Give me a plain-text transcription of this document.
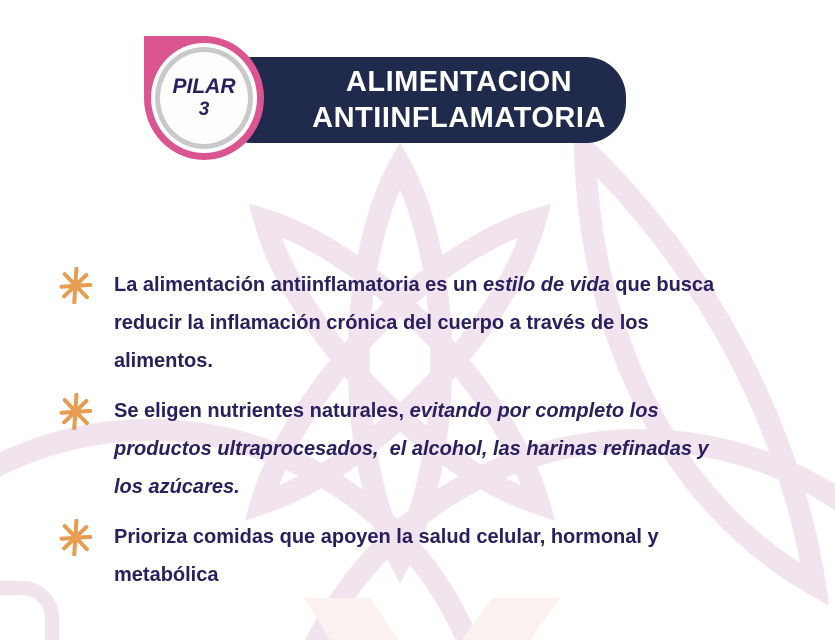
ALIMENTACION
ANTIINFLAMATORIA
PILAR
3
La alimentación antiinflamatoria es un estilo de vida que busca
reducir la inflamación crónica del cuerpo a través de los
alimentos.
Se eligen nutrientes naturales, evitando por completo los
productos ultraprocesados,  el alcohol, las harinas refinadas y
los azúcares.
Prioriza comidas que apoyen la salud celular, hormonal y
metabólica
